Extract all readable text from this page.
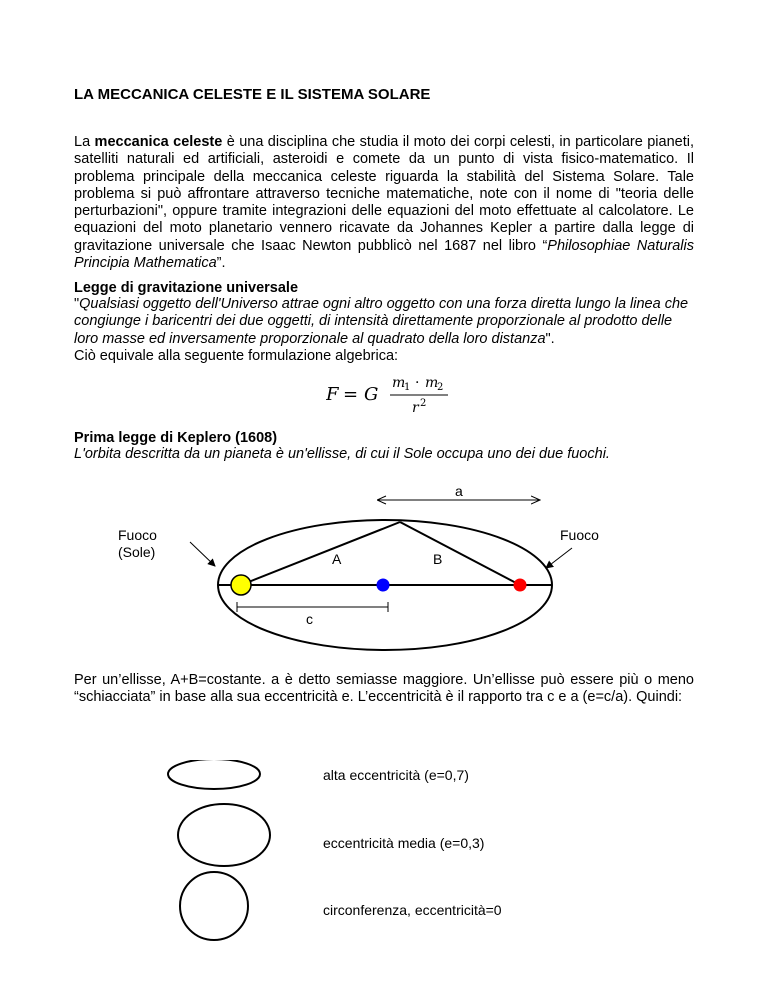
LA MECCANICA CELESTE E IL SISTEMA SOLARE
La meccanica celeste è una disciplina che studia il moto dei corpi celesti, in particolare pianeti, satelliti naturali ed artificiali, asteroidi e comete da un punto di vista fisico-matematico. Il problema principale della meccanica celeste riguarda la stabilità del Sistema Solare. Tale problema si può affrontare attraverso tecniche matematiche, note con il nome di "teoria delle perturbazioni", oppure tramite integrazioni delle equazioni del moto effettuate al calcolatore. Le equazioni del moto planetario vennero ricavate da Johannes Kepler a partire dalla legge di gravitazione universale che Isaac Newton pubblicò nel 1687 nel libro “Philosophiae Naturalis Principia Mathematica”.
Legge di gravitazione universale
"Qualsiasi oggetto dell'Universo attrae ogni altro oggetto con una forza diretta lungo la linea che congiunge i baricentri dei due oggetti, di intensità direttamente proporzionale al prodotto delle loro masse ed inversamente proporzionale al quadrato della loro distanza".
Ciò equivale alla seguente formulazione algebrica:
F = G
m
1 · m
2
r 2
Prima legge di Keplero (1608)
L'orbita descritta da un pianeta è un'ellisse, di cui il Sole occupa uno dei due fuochi.
a
A	B
c
Fuoco
(Sole)
Fuoco
Per un’ellisse, A+B=costante. a è detto semiasse maggiore. Un’ellisse può essere più o meno “schiacciata” in base alla sua eccentricità e. L’eccentricità è il rapporto tra c e a (e=c/a). Quindi:
alta eccentricità (e=0,7)
eccentricità media (e=0,3)
circonferenza, eccentricità=0
